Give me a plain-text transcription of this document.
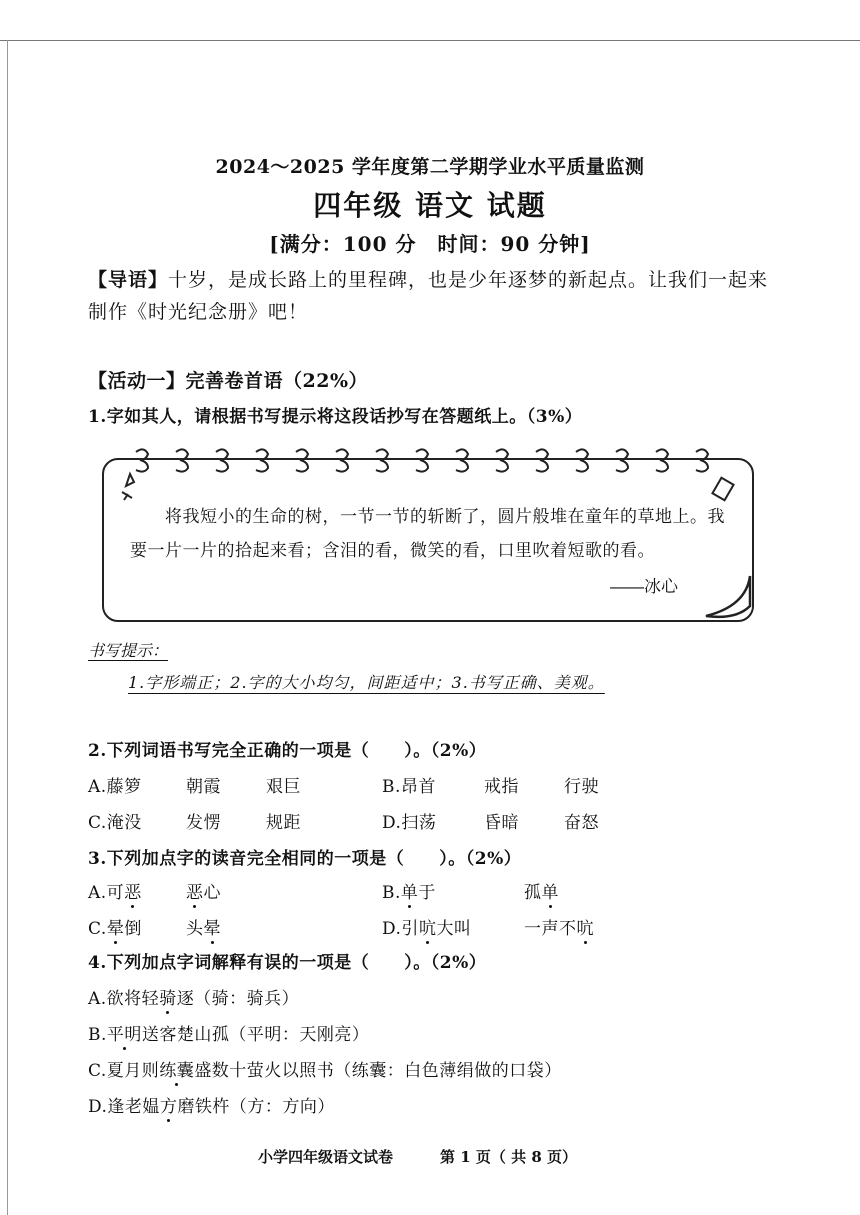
2024～2025 学年度第二学期学业水平质量监测
四年级 语文 试题
[满分：100 分　时间：90 分钟]
【导语】十岁，是成长路上的里程碑，也是少年逐梦的新起点。让我们一起来制作《时光纪念册》吧！
【活动一】完善卷首语（22%）
1.字如其人，请根据书写提示将这段话抄写在答题纸上。（3%）
　　将我短小的生命的树，一节一节的斩断了，圆片般堆在童年的草地上。我要一片一片的拾起来看；含泪的看，微笑的看，口里吹着短歌的看。
——冰心
书写提示：
1.字形端正；2.字的大小均匀，间距适中；3.书写正确、美观。
2.下列词语书写完全正确的一项是（　　）。（2%）
A.藤箩	朝霞	艰巨	B.昂首	戒指	行驶
C.淹没	发愣	规距	D.扫荡	昏暗	奋怒
3.下列加点字的读音完全相同的一项是（　　）。（2%）
A.可恶	恶心	B.单于	孤单
C.晕倒	头晕	D.引吭大叫	一声不吭
4.下列加点字词解释有误的一项是（　　）。（2%）
A.欲将轻骑逐（骑：骑兵）
B.平明送客楚山孤（平明：天刚亮）
C.夏月则练囊盛数十萤火以照书（练囊：白色薄绢做的口袋）
D.逢老媪方磨铁杵（方：方向）
小学四年级语文试卷	第 1 页（ 共 8 页）
